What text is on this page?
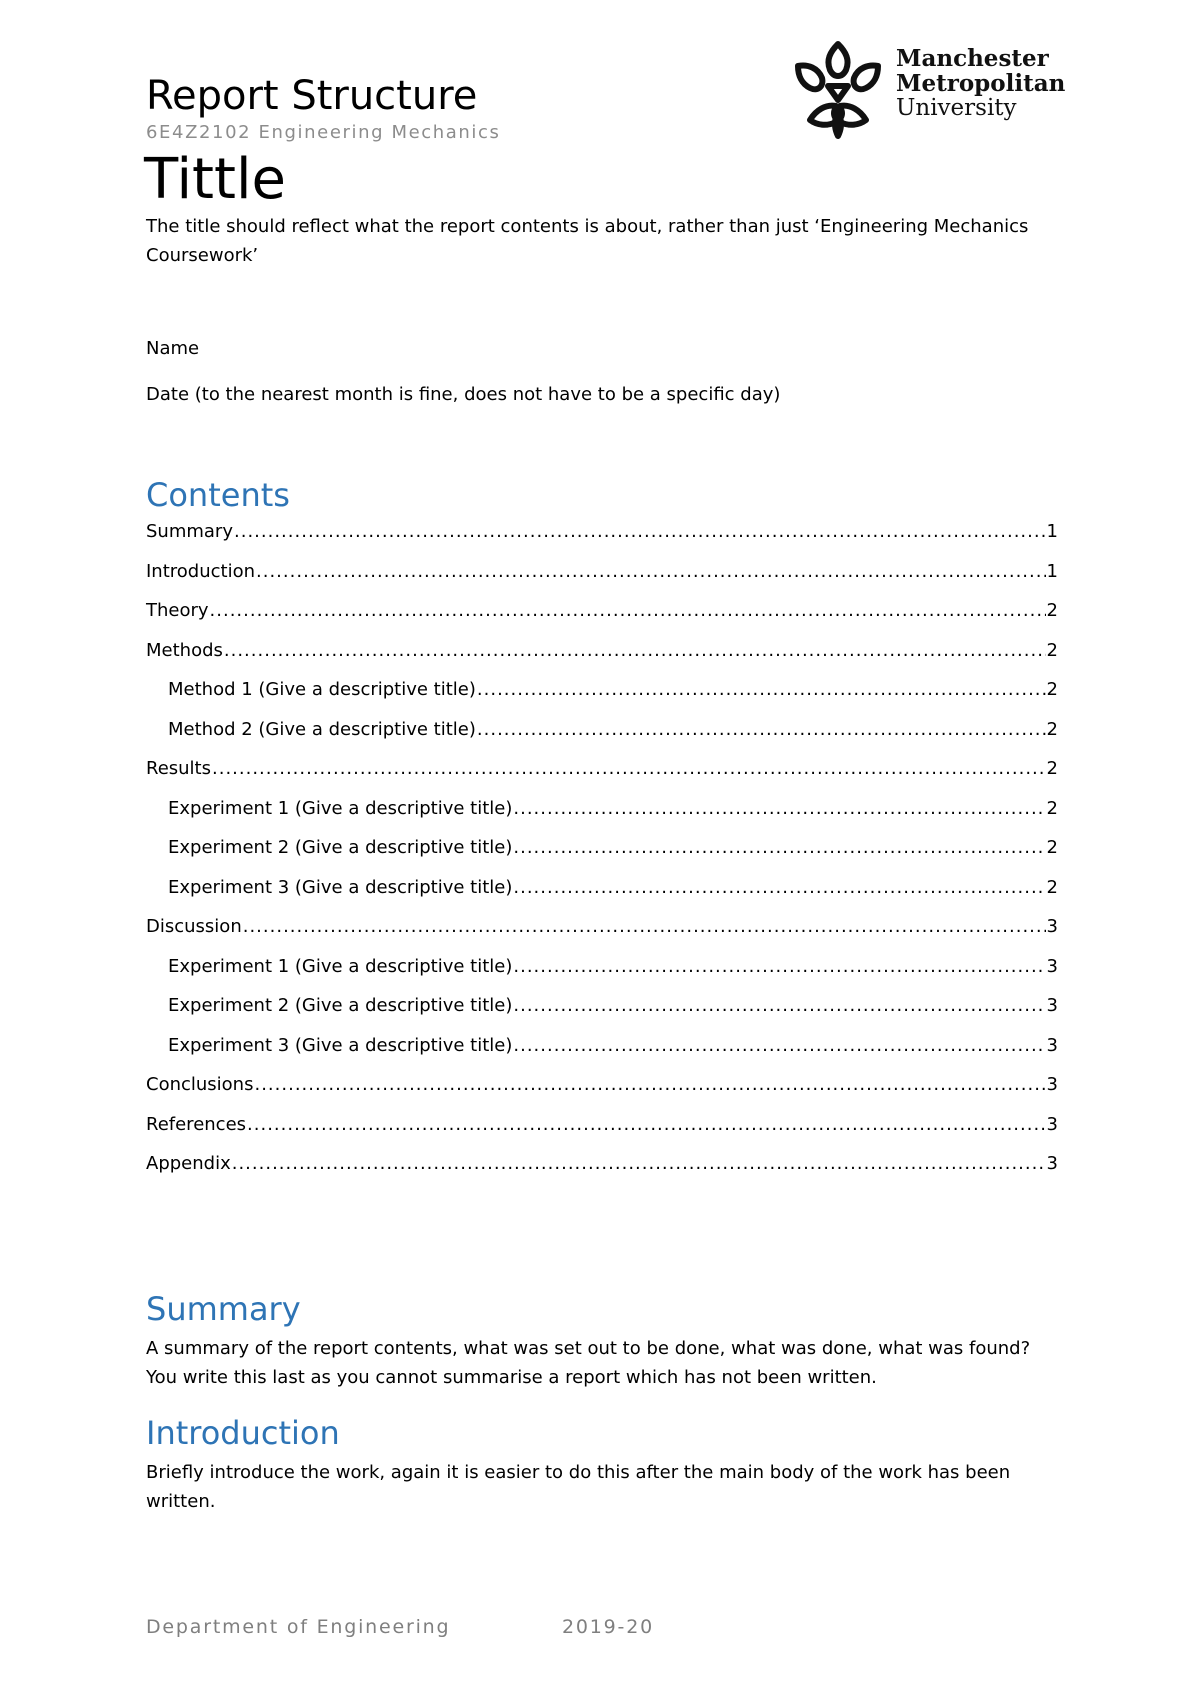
Report Structure
6E4Z2102 Engineering Mechanics
Manchester
Metropolitan
University
Tittle
The title should reflect what the report contents is about, rather than just ‘Engineering Mechanics Coursework’
Name
Date (to the nearest month is fine, does not have to be a specific day)
Contents
Summary .....	1
Introduction .....	1
Theory .....	2
Methods .....	2
Method 1 (Give a descriptive title) .....	2
Method 2 (Give a descriptive title) .....	2
Results .....	2
Experiment 1 (Give a descriptive title) .....	2
Experiment 2 (Give a descriptive title) .....	2
Experiment 3 (Give a descriptive title) .....	2
Discussion .....	3
Experiment 1 (Give a descriptive title) .....	3
Experiment 2 (Give a descriptive title) .....	3
Experiment 3 (Give a descriptive title) .....	3
Conclusions .....	3
References .....	3
Appendix .....	3
Summary
A summary of the report contents, what was set out to be done, what was done, what was found? You write this last as you cannot summarise a report which has not been written.
Introduction
Briefly introduce the work, again it is easier to do this after the main body of the work has been written.
Department of Engineering	2019-20
